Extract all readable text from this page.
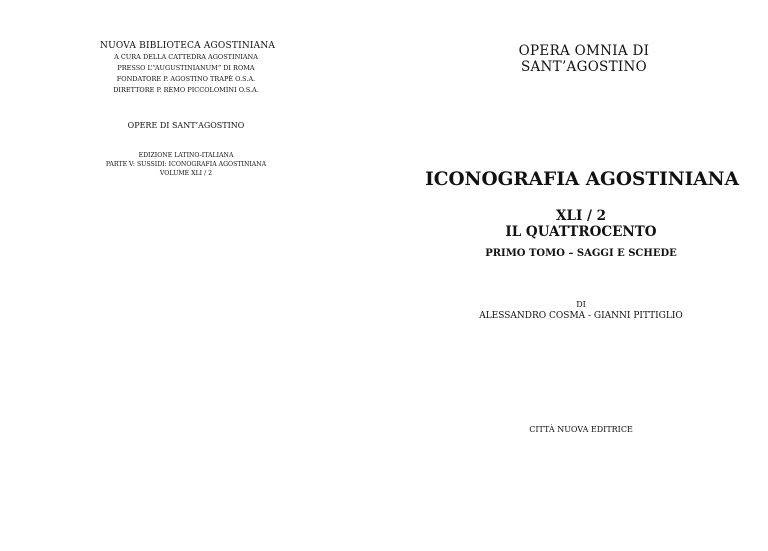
NUOVA BIBLIOTECA AGOSTINIANA
A CURA DELLA CATTEDRA AGOSTINIANA
PRESSO L’“AUGUSTINIANUM” DI ROMA
FONDATORE P. AGOSTINO TRAPÈ O.S.A.
DIRETTORE P. REMO PICCOLOMINI O.S.A.
OPERE DI SANT’AGOSTINO
EDIZIONE LATINO-ITALIANA
PARTE V: SUSSIDI: ICONOGRAFIA AGOSTINIANA
VOLUME XLI / 2
OPERA OMNIA DI
SANT’AGOSTINO
ICONOGRAFIA AGOSTINIANA
XLI / 2
IL QUATTROCENTO
PRIMO TOMO – SAGGI E SCHEDE
DI
ALESSANDRO COSMA - GIANNI PITTIGLIO
CITTÀ NUOVA EDITRICE
